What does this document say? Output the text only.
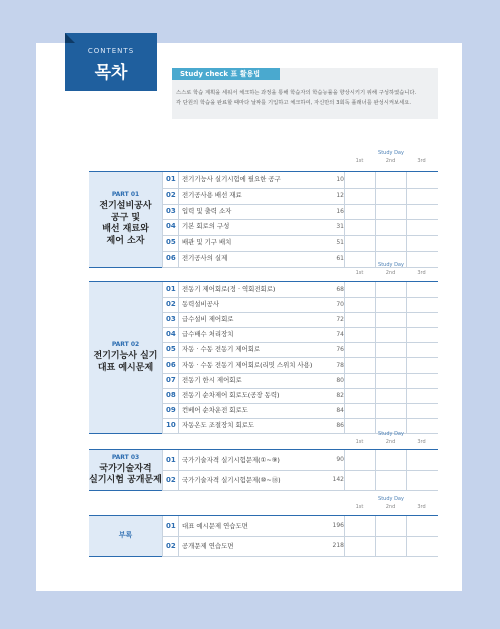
CONTENTS
목차	Study check 표 활용법
스스로 학습 계획을 세워서 체크하는 과정을 통해 학습자의 학습능률을 향상시키기 위해 구성하였습니다.
각 단원의 학습을 완료할 때마다 날짜를 기입하고 체크하여, 자신만의 3회독 플래너를 완성시켜보세요.
Study Day
1st	2nd	3rd
PART 01
전기설비공사
공구 및
배선 재료와
제어 소자
01 전기기능사 실기시험에 필요한 공구	10
02 전기공사용 배선 재료	12
03 입력 및 출력 소자	16
04 기본 회로의 구성	31
05 배관 및 기구 배치	51
06 전기공사의 실제	61
Study Day
1st	2nd	3rd
PART 02
전기기능사 실기
대표 예시문제
01 전동기 제어회로(정 · 역회전회로)	68
02 동력설비공사	70
03 급수설비 제어회로	72
04 급수배수 처리장치	74
05 자동 · 수동 전동기 제어회로	76
06 자동 · 수동 전동기 제어회로(리밋 스위치 사용)	78
07 전동기 한시 제어회로	80
08 전동기 순차제어 회로도(공장 동력)	82
09 컨베어 순차운전 회로도	84
10 자동온도 조절장치 회로도	86
Study Day
1st	2nd	3rd
PART 03
국가기술자격
실기시험 공개문제
01 국가기술자격 실기시험문제(①~⑨)	90
02 국가기술자격 실기시험문제(⑩~⑱)	142
Study Day
1st	2nd	3rd
부록
01 대표 예시문제 연습도면	196
02 공개문제 연습도면	218
